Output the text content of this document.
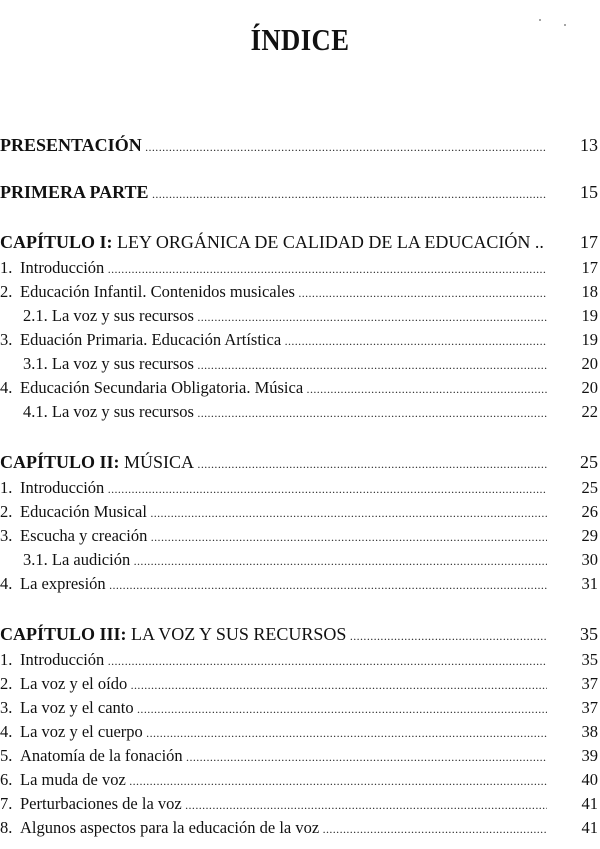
ÍNDICE
PRESENTACIÓN .....	13
PRIMERA PARTE .....	15
CAPÍTULO I: LEY ORGÁNICA DE CALIDAD DE LA EDUCACIÓN .. .....	17
1. Introducción .....	17
2. Educación Infantil. Contenidos musicales .....	18
2.1. La voz y sus recursos .....	19
3. Eduación Primaria. Educación Artística .....	19
3.1. La voz y sus recursos .....	20
4. Educación Secundaria Obligatoria. Música .....	20
4.1. La voz y sus recursos .....	22
CAPÍTULO II: MÚSICA .....	25
1. Introducción .....	25
2. Educación Musical .....	26
3. Escucha y creación .....	29
3.1. La audición .....	30
4. La expresión .....	31
CAPÍTULO III: LA VOZ Y SUS RECURSOS .....	35
1. Introducción .....	35
2. La voz y el oído .....	37
3. La voz y el canto .....	37
4. La voz y el cuerpo .....	38
5. Anatomía de la fonación .....	39
6. La muda de voz .....	40
7. Perturbaciones de la voz .....	41
8. Algunos aspectos para la educación de la voz .....	41
